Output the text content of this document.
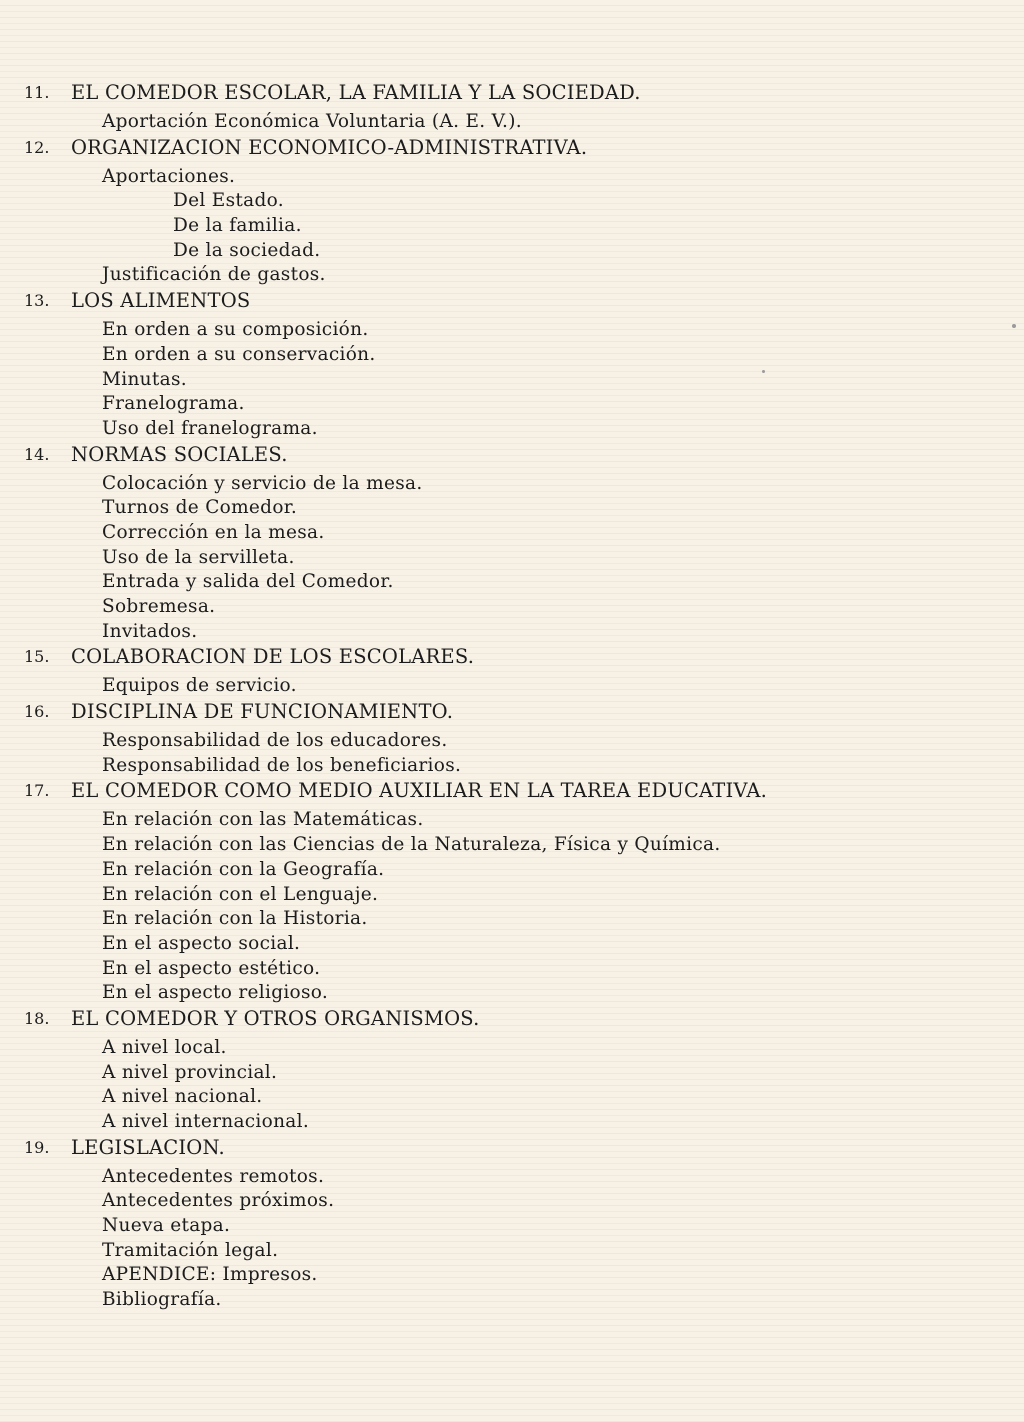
11. EL COMEDOR ESCOLAR, LA FAMILIA Y LA SOCIEDAD.
Aportación Económica Voluntaria (A. E. V.).
12. ORGANIZACION ECONOMICO-ADMINISTRATIVA.
Aportaciones.
Del Estado.
De la familia.
De la sociedad.
Justificación de gastos.
13. LOS ALIMENTOS
En orden a su composición.
En orden a su conservación.
Minutas.
Franelograma.
Uso del franelograma.
14. NORMAS SOCIALES.
Colocación y servicio de la mesa.
Turnos de Comedor.
Corrección en la mesa.
Uso de la servilleta.
Entrada y salida del Comedor.
Sobremesa.
Invitados.
15. COLABORACION DE LOS ESCOLARES.
Equipos de servicio.
16. DISCIPLINA DE FUNCIONAMIENTO.
Responsabilidad de los educadores.
Responsabilidad de los beneficiarios.
17. EL COMEDOR COMO MEDIO AUXILIAR EN LA TAREA EDUCATIVA.
En relación con las Matemáticas.
En relación con las Ciencias de la Naturaleza, Física y Química.
En relación con la Geografía.
En relación con el Lenguaje.
En relación con la Historia.
En el aspecto social.
En el aspecto estético.
En el aspecto religioso.
18. EL COMEDOR Y OTROS ORGANISMOS.
A nivel local.
A nivel provincial.
A nivel nacional.
A nivel internacional.
19. LEGISLACION.
Antecedentes remotos.
Antecedentes próximos.
Nueva etapa.
Tramitación legal.
APENDICE: Impresos.
Bibliografía.
